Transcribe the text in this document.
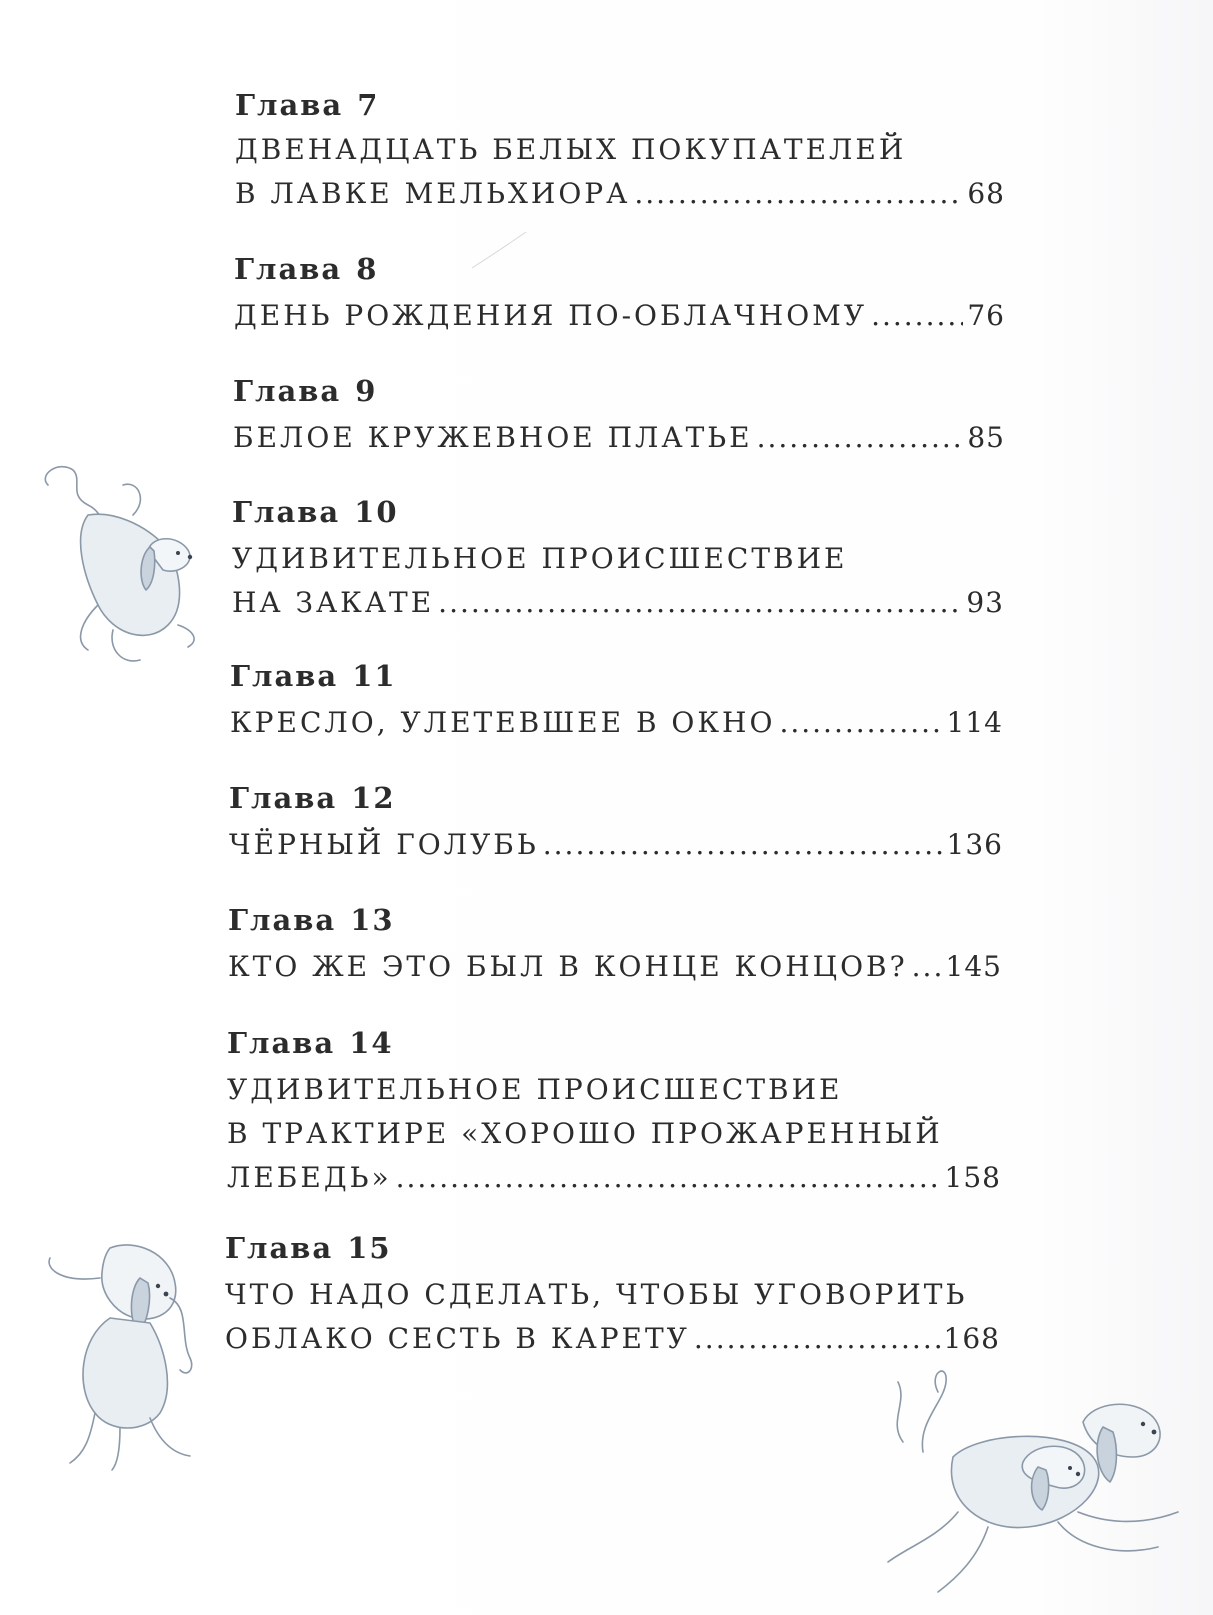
Глава 7
ДВЕНАДЦАТЬ БЕЛЫХ ПОКУПАТЕЛЕЙ
В ЛАВКЕ МЕЛЬХИОРА .....	68
Глава 8
ДЕНЬ РОЖДЕНИЯ ПО-ОБЛАЧНОМУ .....	76
Глава 9
БЕЛОЕ КРУЖЕВНОЕ ПЛАТЬЕ .....	85
Глава 10
УДИВИТЕЛЬНОЕ ПРОИСШЕСТВИЕ
НА ЗАКАТЕ .....	93
Глава 11
КРЕСЛО, УЛЕТЕВШЕЕ В ОКНО .....	114
Глава 12
ЧЁРНЫЙ ГОЛУБЬ .....	136
Глава 13
КТО ЖЕ ЭТО БЫЛ В КОНЦЕ КОНЦОВ? ..... 145
Глава 14
УДИВИТЕЛЬНОЕ ПРОИСШЕСТВИЕ
В ТРАКТИРЕ «ХОРОШО ПРОЖАРЕННЫЙ
ЛЕБЕДЬ» .....	158
Глава 15
ЧТО НАДО СДЕЛАТЬ, ЧТОБЫ УГОВОРИТЬ
ОБЛАКО СЕСТЬ В КАРЕТУ .....	168
